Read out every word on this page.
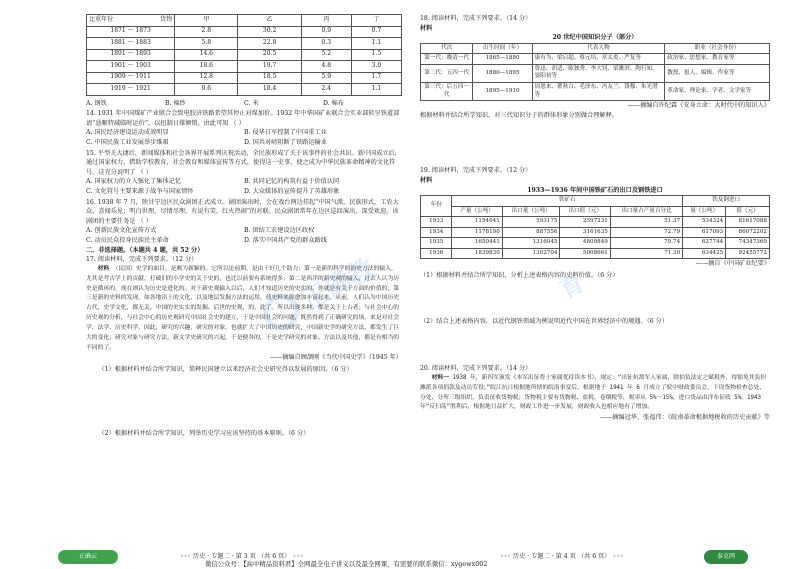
比重年份 货物	甲	乙	丙	丁
1871 ～ 1873	2.8	30.2	0.9	0.7
1881 ～ 1883	5.8	22.8	0.3	1.1
1891 ～ 1893	14.6	20.5	5.2	1.5
1901 ～ 1903	18.6	19.7	4.8	3.0
1909 ～ 1911	12.8	18.5	5.9	1.7
1919 ～ 1921	9.6	18.4	2.4	1.1
A. 钢铁	B. 棉纱	C. 米	D. 棉布
14. 1931 年中国煤矿产业联合会致电胶济铁路希望其停止对煤加价。1932 年中华国矿业联合会实业部转呈铁道部请“恳顺特减临时运价”，以扭制日煤倾销。由此可知 （ ）
A. 国民经济建设运动成效明显	B. 侵华日军控制了中国重工业
C. 中国民族工业发展举步维艰	D. 国共对峙阻断了铁路运输业
15. 平型关大捷后，新闻媒体和社会各界开展系列庆祝活动，全民族形成了关于该事件的社会共识。新中国成立后，通过国家权力、借助学校教育，社会教育和媒体宣传等方式，使得这一史事，使之成为中华民族革命精神的文化符号。这充分说明了 （ ）
A. 国家权力的介入强化了集体记忆	B. 共同记忆的构筑有益于价值认同
C. 文化符号主要来源于战争与国家情怀	D. 大众媒体的宣传提升了英雄形象
16. 1938 年 7 月，陕甘宁边区民众剧团正式成立。剧团演出时，会在戏台两边挂起“中国气派，民族形式，工农大众，喜闻乐见；明白世理，尽情尽理，有说有笑，红火热闹”的对联。民众剧团常年在边区巡回演出，深受欢迎。该剧团的主要任务是 （ ）
A. 创新民族文化宣传方式	B. 团结工农建设边区政权
C. 动员民众投身民族民主革命	D. 落实中国共产党的群众路线
二、非选择题。（本题共 4 题，共 52 分）
17. 阅读材料，完成下列要求。（12 分）
材料  （民国）史学的面目，是颇为新颖的。它所以论前期，是由于好几个助力：第一是新的科学的治史方法的输入，尤其是考古学上的贡献，打破旧的小学史的关于史的，也比以前要有系统得多；第二是西洋的新史观的输入，过去人认为历史是循环的，现在则认为历史是进化的。对于新史观输入以后，人们才知道历史的史实的。你就是有关于方面的价值的；第三是新的史料的发现，如各地出土的文化，以及地层发掘方法的运用，使史料来源愈加丰富起来。从前，人们认为中国历史古代，史学文化，都无关。中国的史实实的发掘。后世的史观，的，此了。所以出现多种，都是关于上古者；与社会中心的历史观的分析，与社会中心的历史观研究中国社会史的建立，于是中国社会的问题，既然得到了正确研究的场，来是对社会学，法学、历史科学，因此，研究的兴趣，研究的对象，也就扩大了中国历史的研究，中国新史学的研究方法，都发生了巨大的变化；研究对象与研究方法，新文学史研究的兴起，于是便各的，于是史学研究的对象、方法以及其他，都是有相当的不同的了。
——摘编自顾颉刚《当代中国史学》（1945 年）
（1）根据材料并结合所学知识，简释民国建立以来经济社会史研究得以发展的原因。（6 分）
（2）根据材料并结合所学知识，列举历史学习应该坚持的基本原则。（6 分）
18. 阅读材料，完成下列要求。（14 分）
材料
20 世纪中国知识分子（部分）
代次	出生时间（年）	代表人物	职业（社会身份）
第一代：晚清一代	1865—1880	康有为、梁启超、蔡元培、章太炎、严复等	政治家、思想家、教育家等
第二代：五四一代	1880—1895	鲁迅、胡适、陈独秀、李大钊、梁漱溟、陶行知、晏阳初等	教授、报人、编辑、作家等
第三代：后五四一代	1895—1910	周恩来、瞿秋白、毛泽东、冯友兰、钱穆、朱光潜等	革命家、理论家、学者、文学家等
——摘编自许纪霖《安身立命：大时代中的知识人》
根据材料并结合所学知识，对三代知识分子的群体形象分别做合理解释。
19. 阅读材料，完成下列要求。（12 分）
材料
1933—1936 年间中国铁矿石的出口及钢铁进口
年份	铁矿石				铁及钢进口	
	产量（公吨）	出口量（公吨）	出口值（元）	出口量占产量百分比	量（公吨）	值（元）
1933	1154641	593175	2397231	51.37	534324	81617088
1934	1178190	887556	3161635	72.79	617093	86072202
1935	1650441	1316045	4809849	79.74	627744	74347369
1936	1839830	1302704	5008661	71.30	634425	92455772
——摘自《中国矿业纪要》
（1）根据材料并结合所学知识，分析上述表格内容的史料价值。（6 分）
（2）结合上述表格内容，以近代钢铁领域为例说明近代中国在世界经济中的境遇。（6 分）
20. 阅读材料，完成下列要求。（14 分）
材料一  1938 年，新四军颁发《本军出征将士家属优待读本书》，规定：“出征抗敌军人家属，除拍负法定之赋税外，得豁免其负担摊派各项捐款及动员劳役。”皖江抗日根据地所辖的皖南事变后，根据地于 1941 年 6 月成立了皖中财政委员会，下设货物检查总处、分处、分所三级组织，负责征收货物税；货物税主要有货物税、盐税、卷烟税等，税率从 5%～15%，进口货品由洋布征收 5%。1943 年“反扫荡”胜利后，根据地日益扩大，财政工作进一步发展，财政收入也相应地有了增加。
——摘编冠华、张福伟：《皖南革命根据地税收的历史贡献》等
正确教	育
正确云	◦◦◦ 历史 · 专题二 · 第 3 页 （共 6 页） ◦◦◦	◦◦◦ 历史 · 专题二 · 第 4 页 （共 6 页） ◦◦◦
微信公众号：【高中精品资料君】全网最全电子讲义以及最全网课，有需要的联系微信：xygewx002
泰克网
